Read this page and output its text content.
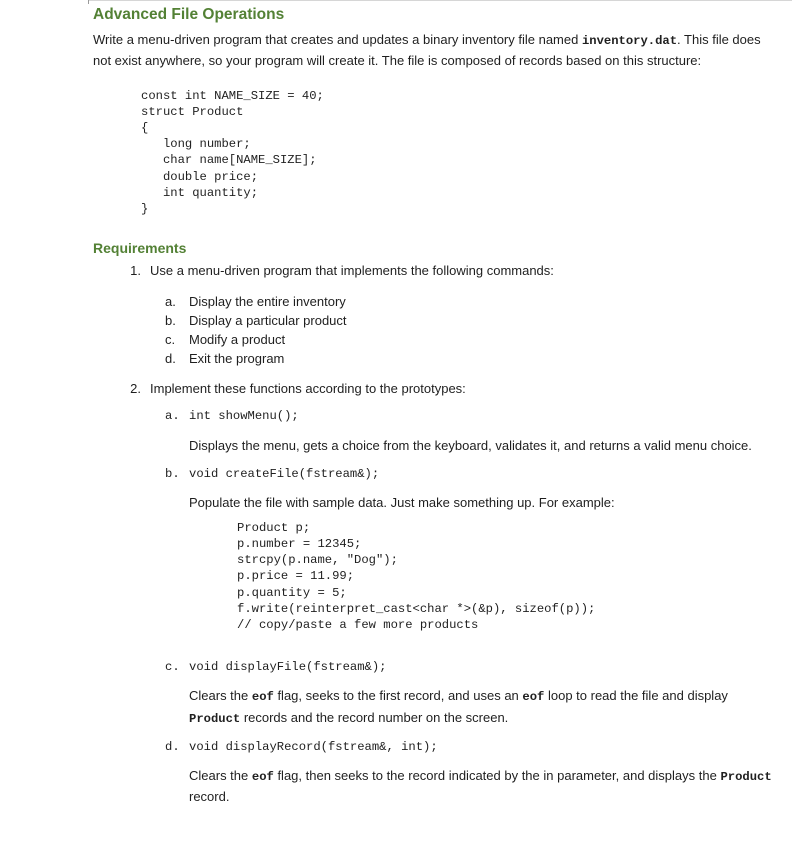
Advanced File Operations

Write a menu-driven program that creates and updates a binary inventory file named inventory.dat. This file does not exist anywhere, so your program will create it. The file is composed of records based on this structure:

const int NAME_SIZE = 40;
struct Product
{
long number;
char name[NAME_SIZE];
double price;
int quantity;
}
Requirements
1. Use a menu-driven program that implements the following commands:
a.	Display the entire inventory
b.	Display a particular product
c.	Modify a product
d.	Exit the program
2. Implement these functions according to the prototypes:
a. int showMenu();

Displays the menu, gets a choice from the keyboard, validates it, and returns a valid menu choice.

b. void createFile(fstream&);

Populate the file with sample data. Just make something up. For example:

Product p;
p.number = 12345;
strcpy(p.name, "Dog");
p.price = 11.99;
p.quantity = 5;
f.write(reinterpret_cast<char *>(&p), sizeof(p));
// copy/paste a few more products
c. void displayFile(fstream&);

Clears the eof flag, seeks to the first record, and uses an eof loop to read the file and display Product records and the record number on the screen.

d. void displayRecord(fstream&, int);

Clears the eof flag, then seeks to the record indicated by the in parameter, and displays the Product record.
